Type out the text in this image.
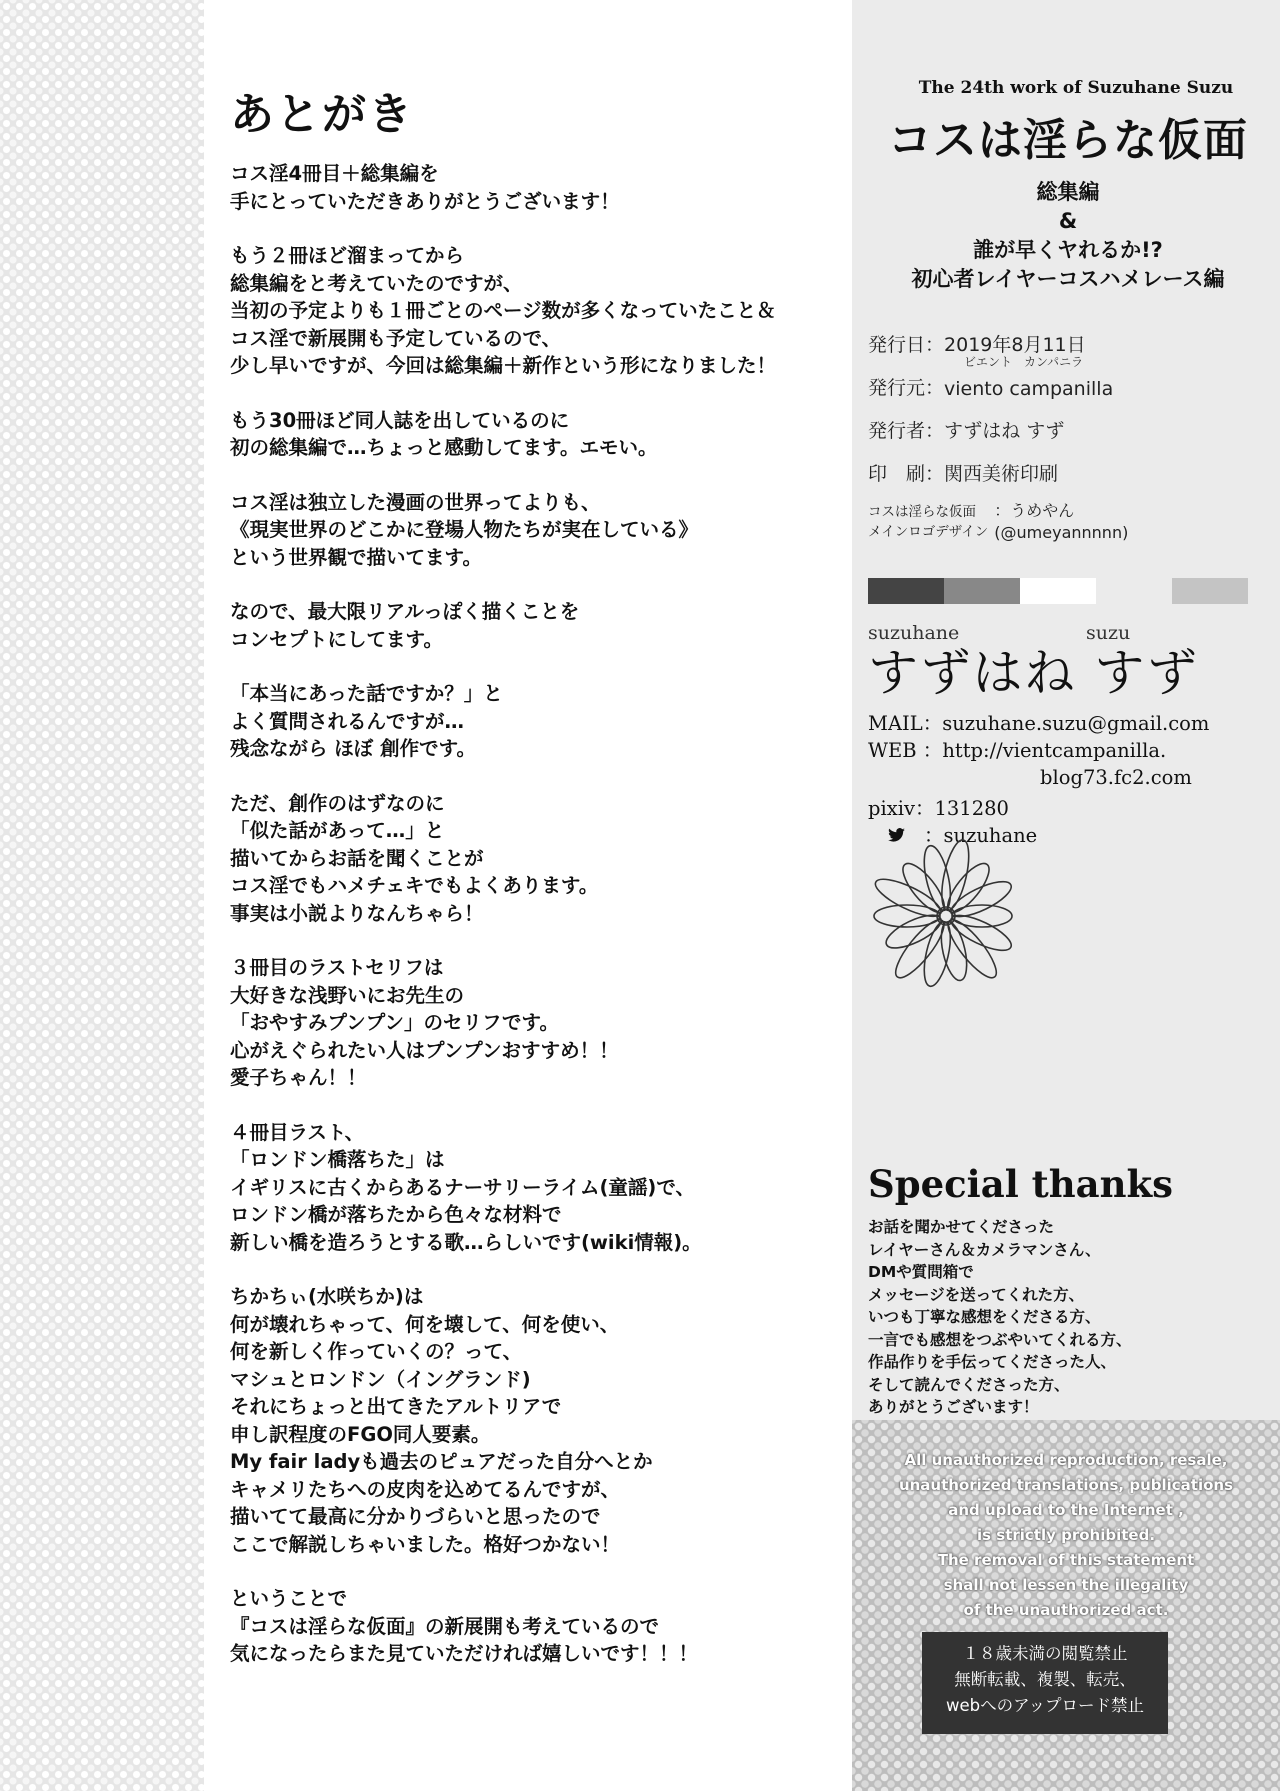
あとがき
コス淫4冊目＋総集編を
手にとっていただきありがとうございます！
もう２冊ほど溜まってから
総集編をと考えていたのですが、
当初の予定よりも１冊ごとのページ数が多くなっていたこと＆
コス淫で新展開も予定しているので、
少し早いですが、今回は総集編＋新作という形になりました！
もう30冊ほど同人誌を出しているのに
初の総集編で…ちょっと感動してます。エモい。
コス淫は独立した漫画の世界ってよりも、
《現実世界のどこかに登場人物たちが実在している》
という世界観で描いてます。
なので、最大限リアルっぽく描くことを
コンセプトにしてます。
「本当にあった話ですか？」と
よく質問されるんですが…
残念ながら ほぼ 創作です。
ただ、創作のはずなのに
「似た話があって…」と
描いてからお話を聞くことが
コス淫でもハメチェキでもよくあります。
事実は小説よりなんちゃら！
３冊目のラストセリフは
大好きな浅野いにお先生の
「おやすみプンプン」のセリフです。
心がえぐられたい人はプンプンおすすめ！！
愛子ちゃん！！
４冊目ラスト、
「ロンドン橋落ちた」は
イギリスに古くからあるナーサリーライム(童謡)で、
ロンドン橋が落ちたから色々な材料で
新しい橋を造ろうとする歌…らしいです(wiki情報)。
ちかちぃ(水咲ちか)は
何が壊れちゃって、何を壊して、何を使い、
何を新しく作っていくの？って、
マシュとロンドン（イングランド)
それにちょっと出てきたアルトリアで
申し訳程度のFGO同人要素。
My fair ladyも過去のピュアだった自分へとか
キャメリたちへの皮肉を込めてるんですが、
描いてて最高に分かりづらいと思ったので
ここで解説しちゃいました。格好つかない！
ということで
『コスは淫らな仮面』の新展開も考えているので
気になったらまた見ていただければ嬉しいです！！！
The 24th work of Suzuhane Suzu
コスは淫らな仮面
総集編
&
誰が早くヤれるか!?
初心者レイヤーコスハメレース編
発行日： 2019年8月11日
ビエント　カンパニラ
発行元： viento campanilla
発行者： すずはね すず
印　刷： 関西美術印刷
コスは淫らな仮面
メインロゴデザイン
：うめやん
(@umeyannnnn)
suzuhane	suzu
すずはね すず
MAIL：suzuhane.suzu@gmail.com
WEB ：http://vientcampanilla.
blog73.fc2.com
pixiv：131280
：suzuhane
Special thanks
お話を聞かせてくださった
レイヤーさん＆カメラマンさん、
DMや質問箱で
メッセージを送ってくれた方、
いつも丁寧な感想をくださる方、
一言でも感想をつぶやいてくれる方、
作品作りを手伝ってくださった人、
そして読んでくださった方、
ありがとうございます！
All unauthorized reproduction, resale,
unauthorized translations, publications
and upload to the Internet ,
is strictly prohibited.
The removal of this statement
shall not lessen the illegality
of the unauthorized act.
１８歳未満の閲覧禁止
無断転載、複製、転売、
webへのアップロード禁止
